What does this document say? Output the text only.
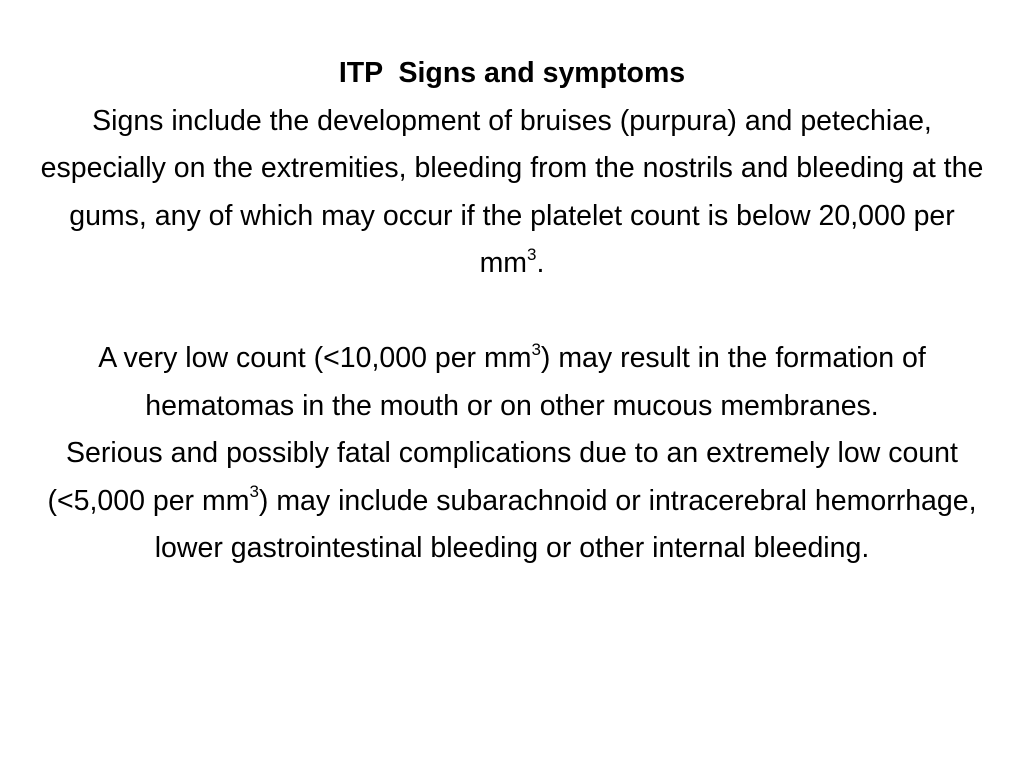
ITP  Signs and symptoms

Signs include the development of bruises (purpura) and petechiae, especially on the extremities, bleeding from the nostrils and bleeding at the gums, any of which may occur if the platelet count is below 20,000 per $mm^3$.

A very low count (<10,000 per $mm^3$) may result in the formation of hematomas in the mouth or on other mucous membranes.

Serious and possibly fatal complications due to an extremely low count (<5,000 per $mm^3$) may include subarachnoid or intracerebral hemorrhage, lower gastrointestinal bleeding or other internal bleeding.
